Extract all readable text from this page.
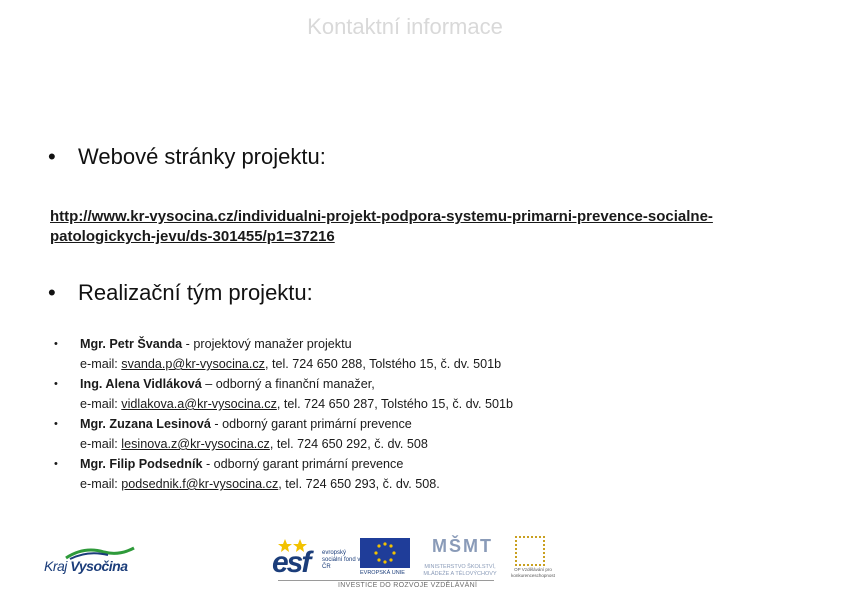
Kontaktní informace
• Webové stránky projektu:
http://www.kr-vysocina.cz/individualni-projekt-podpora-systemu-primarni-prevence-socialne-patologickych-jevu/ds-301455/p1=37216
• Realizační tým projektu:
• Mgr. Petr Švanda - projektový manažer projektu
e-mail: svanda.p@kr-vysocina.cz, tel. 724 650 288, Tolstého 15, č. dv. 501b
• Ing. Alena Vidláková – odborný a finanční manažer,
e-mail: vidlakova.a@kr-vysocina.cz, tel. 724 650 287, Tolstého 15, č. dv. 501b
• Mgr. Zuzana Lesinová - odborný garant primární prevence
e-mail: lesinova.z@kr-vysocina.cz, tel. 724 650 292, č. dv. 508
• Mgr. Filip Podsedník - odborný garant primární prevence
e-mail: podsednik.f@kr-vysocina.cz, tel. 724 650 293, č. dv. 508.
Kraj Vysočina	esf evropský sociální fond v ČR
EVROPSKÁ UNIE
MŠMT
MINISTERSTVO ŠKOLSTVÍ, MLÁDEŽE A TĚLOVÝCHOVY
OP Vzdělávání pro konkurenceschopnost
INVESTICE DO ROZVOJE VZDĚLÁVÁNÍ
